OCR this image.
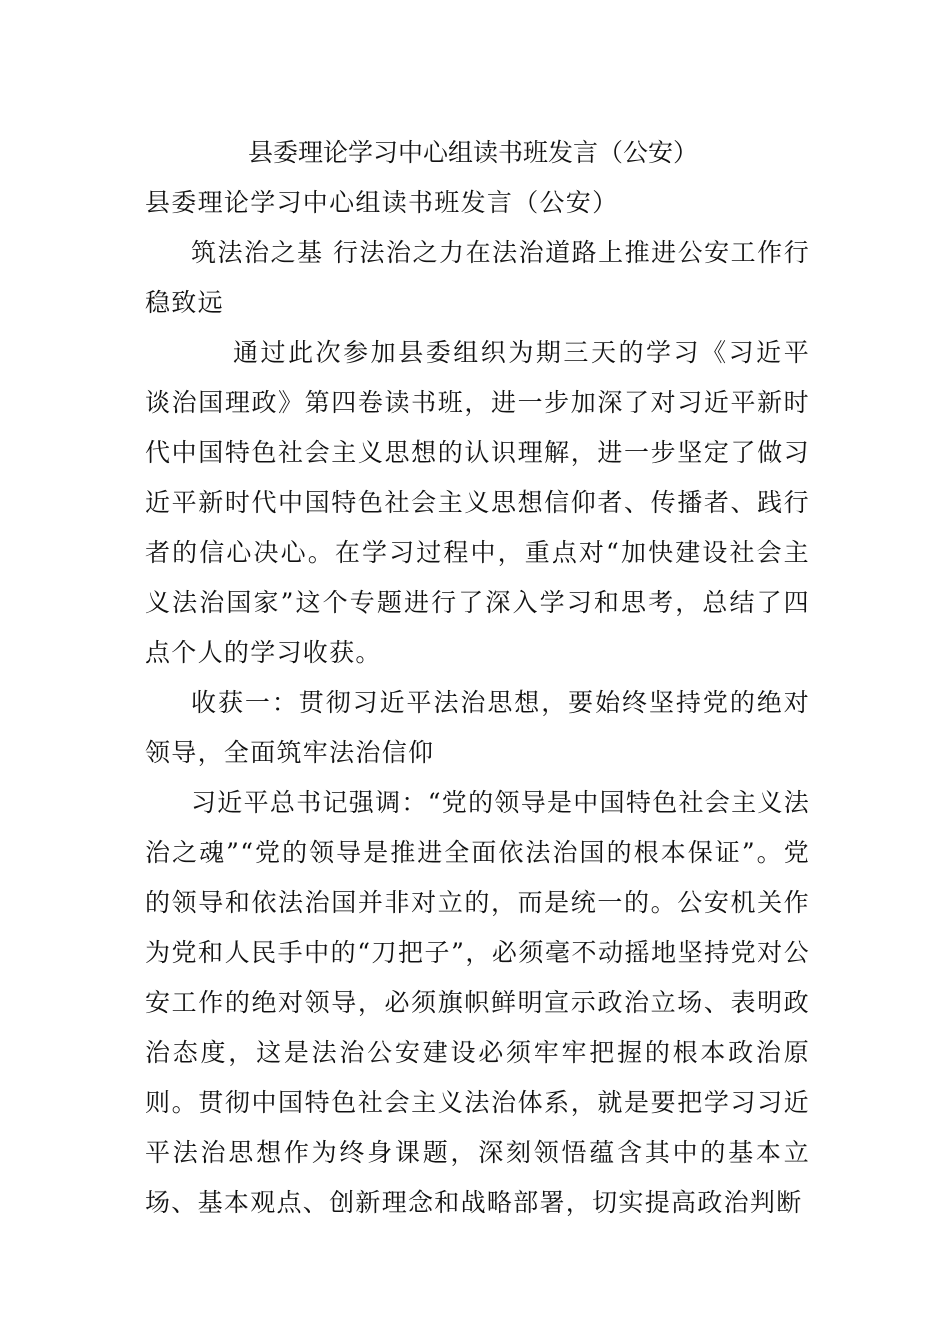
县委理论学习中心组读书班发言（公安）

县委理论学习中心组读书班发言（公安）

筑法治之基 行法治之力在法治道路上推进公安工作行稳致远

通过此次参加县委组织为期三天的学习《习近平谈治国理政》第四卷读书班，进一步加深了对习近平新时代中国特色社会主义思想的认识理解，进一步坚定了做习近平新时代中国特色社会主义思想信仰者、传播者、践行者的信心决心。在学习过程中，重点对“加快建设社会主义法治国家”这个专题进行了深入学习和思考，总结了四点个人的学习收获。

收获一：贯彻习近平法治思想，要始终坚持党的绝对领导，全面筑牢法治信仰

习近平总书记强调：“党的领导是中国特色社会主义法治之魂”“党的领导是推进全面依法治国的根本保证”。党的领导和依法治国并非对立的，而是统一的。公安机关作为党和人民手中的“刀把子”，必须毫不动摇地坚持党对公安工作的绝对领导，必须旗帜鲜明宣示政治立场、表明政治态度，这是法治公安建设必须牢牢把握的根本政治原则。贯彻中国特色社会主义法治体系，就是要把学习习近平法治思想作为终身课题，深刻领悟蕴含其中的基本立场、基本观点、创新理念和战略部署，切实提高政治判断
